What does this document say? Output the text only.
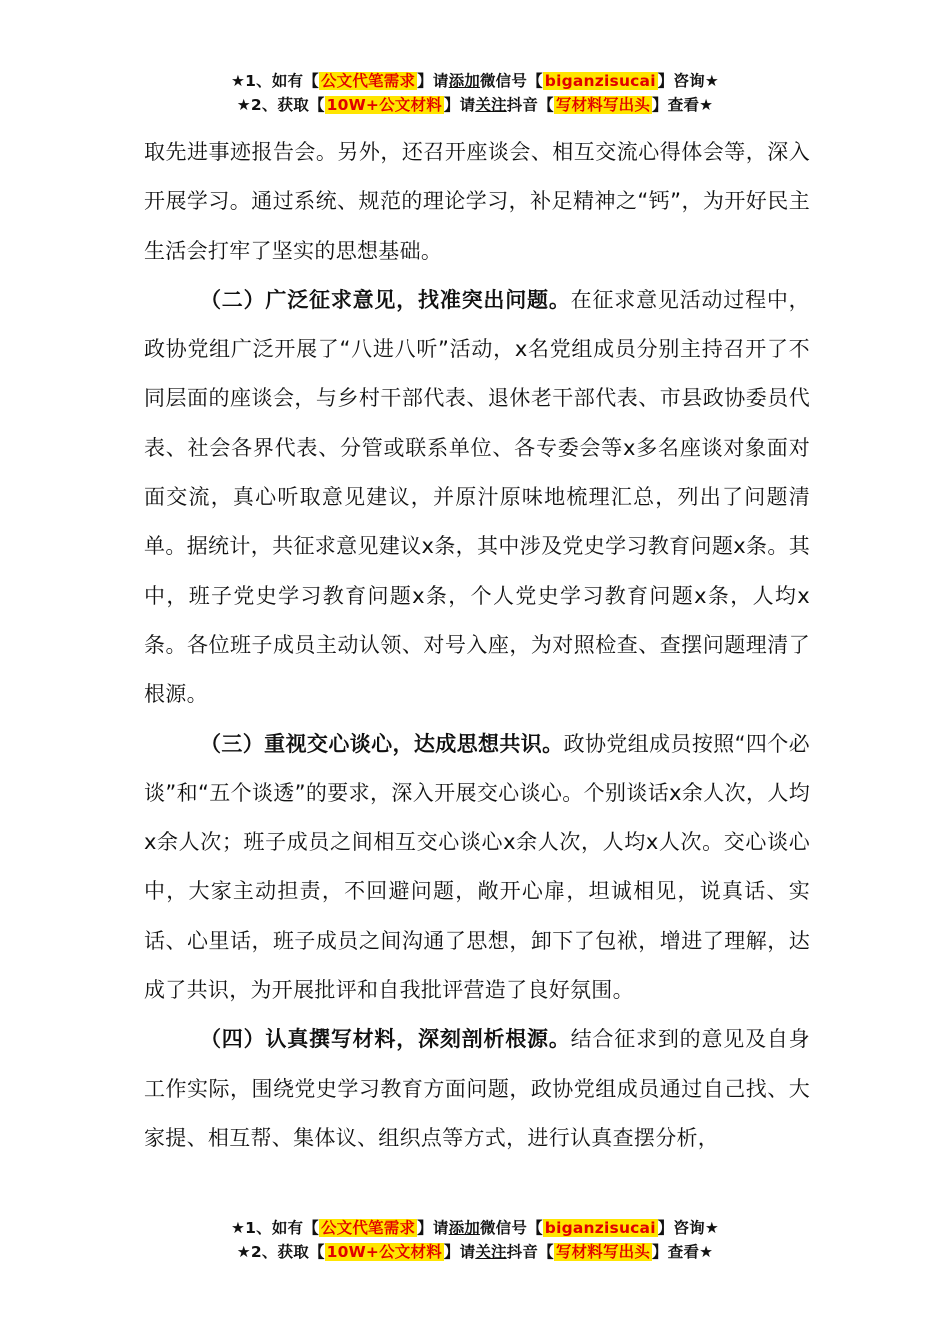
★1、如有【 公文代笔需求 】请添加微信号【 biganzisucai 】咨询★
★2、获取【 10W+公文材料 】请关注抖音【 写材料写出头 】查看★

取先进事迹报告会。另外，还召开座谈会、相互交流心得体会等，深入开展学习。通过系统、规范的理论学习，补足精神之“钙”，为开好民主生活会打牢了坚实的思想基础。

（二）广泛征求意见，找准突出问题。在征求意见活动过程中，政协党组广泛开展了“八进八听”活动，x名党组成员分别主持召开了不同层面的座谈会，与乡村干部代表、退休老干部代表、市县政协委员代表、社会各界代表、分管或联系单位、各专委会等x多名座谈对象面对面交流，真心听取意见建议，并原汁原味地梳理汇总，列出了问题清单。据统计，共征求意见建议x条，其中涉及党史学习教育问题x条。其中，班子党史学习教育问题x条，个人党史学习教育问题x条，人均x条。各位班子成员主动认领、对号入座，为对照检查、查摆问题理清了根源。

（三）重视交心谈心，达成思想共识。政协党组成员按照“四个必谈”和“五个谈透”的要求，深入开展交心谈心。个别谈话x余人次，人均x余人次；班子成员之间相互交心谈心x余人次，人均x人次。交心谈心中，大家主动担责，不回避问题，敞开心扉，坦诚相见，说真话、实话、心里话，班子成员之间沟通了思想，卸下了包袱，增进了理解，达成了共识，为开展批评和自我批评营造了良好氛围。

（四）认真撰写材料，深刻剖析根源。结合征求到的意见及自身工作实际，围绕党史学习教育方面问题，政协党组成员通过自己找、大家提、相互帮、集体议、组织点等方式，进行认真查摆分析，

★1、如有【 公文代笔需求 】请添加微信号【 biganzisucai 】咨询★
★2、获取【 10W+公文材料 】请关注抖音【 写材料写出头 】查看★
